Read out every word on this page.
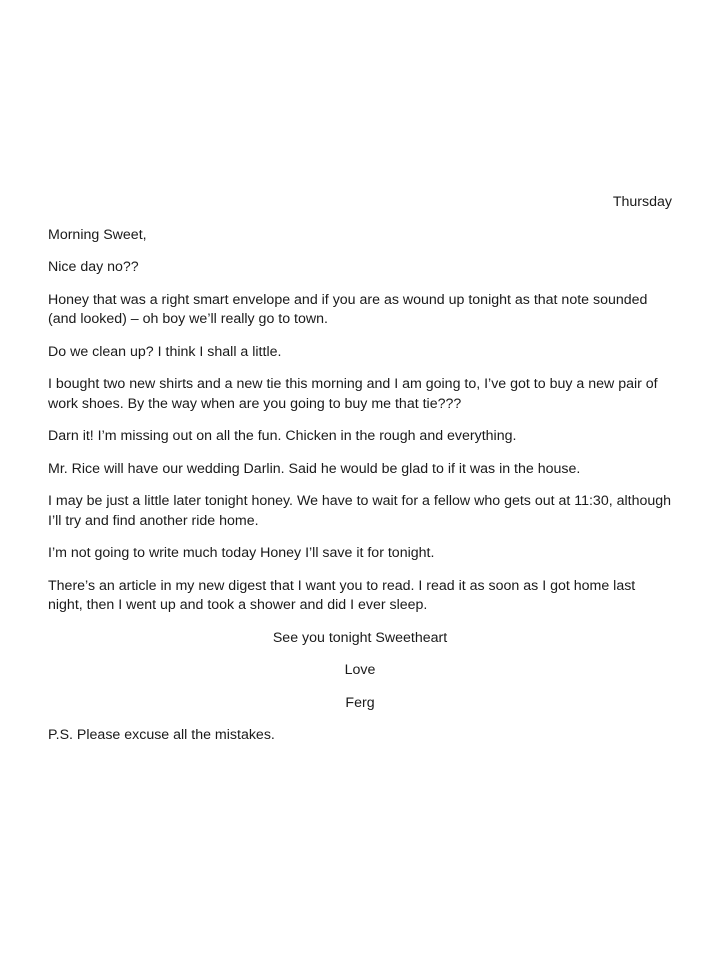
Thursday

Morning Sweet,

Nice day no??

Honey that was a right smart envelope and if you are as wound up tonight as that note sounded (and looked) – oh boy we’ll really go to town.

Do we clean up? I think I shall a little.

I bought two new shirts and a new tie this morning and I am going to, I’ve got to buy a new pair of work shoes. By the way when are you going to buy me that tie???

Darn it! I’m missing out on all the fun. Chicken in the rough and everything.

Mr. Rice will have our wedding Darlin. Said he would be glad to if it was in the house.

I may be just a little later tonight honey. We have to wait for a fellow who gets out at 11:30, although I’ll try and find another ride home.

I’m not going to write much today Honey I’ll save it for tonight.

There’s an article in my new digest that I want you to read. I read it as soon as I got home last night, then I went up and took a shower and did I ever sleep.

See you tonight Sweetheart

Love

Ferg

P.S. Please excuse all the mistakes.
